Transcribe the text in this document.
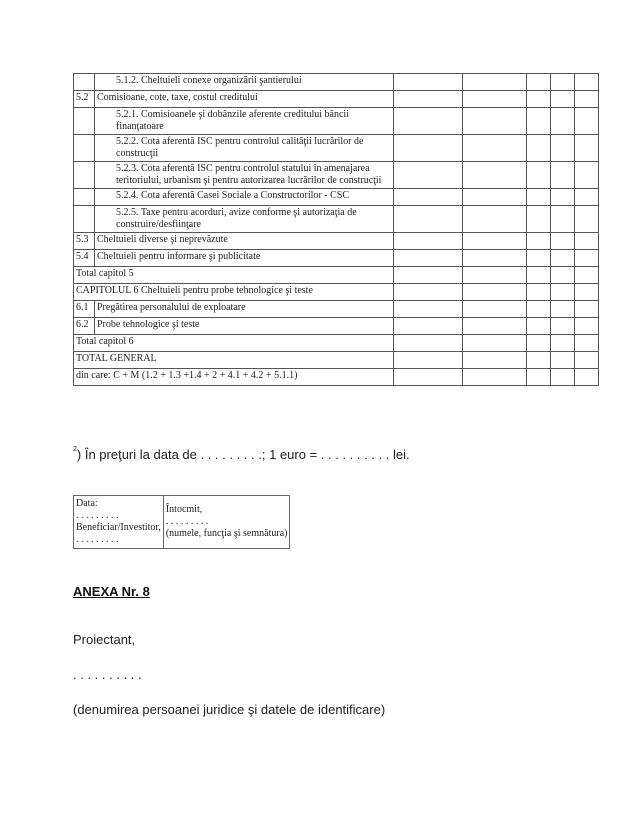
	5.1.2. Cheltuieli conexe organizării şantierului					
5.2	Comisioane, cote, taxe, costul creditului					
	5.2.1. Comisioanele şi dobânzile aferente creditului băncii finanţatoare					
	5.2.2. Cota aferentă ISC pentru controlul calităţii lucrărilor de construcţii					
	5.2.3. Cota aferentă ISC pentru controlul statului în amenajarea teritoriului, urbanism şi pentru autorizarea lucrărilor de construcţii					
	5.2.4. Cota aferentă Casei Sociale a Constructorilor - CSC					
	5.2.5. Taxe pentru acorduri, avize conforme şi autorizaţia de construire/desfiinţare					
5.3	Cheltuieli diverse şi neprevăzute					
5.4	Cheltuieli pentru informare şi publicitate					
Total capitol 5						
CAPITOLUL 6 Cheltuieli pentru probe tehnologice şi teste						
6.1	Pregătirea personalului de exploatare					
6.2	Probe tehnologice şi teste					
Total capitol 6						
TOTAL GENERAL						
din care: C + M (1.2 + 1.3 +1.4 + 2 + 4.1 + 4.2 + 5.1.1)						
$^2$) În preţuri la data de . . . . . . . . .; 1 euro = . . . . . . . . . . lei.
Data:
. . . . . . . . .
Beneficiar/Investitor,
. . . . . . . . .

Întocmit,
. . . . . . . . .
(numele, funcţia şi semnătura)
ANEXA Nr. 8
Proiectant,
. . . . . . . . . .
(denumirea persoanei juridice şi datele de identificare)
